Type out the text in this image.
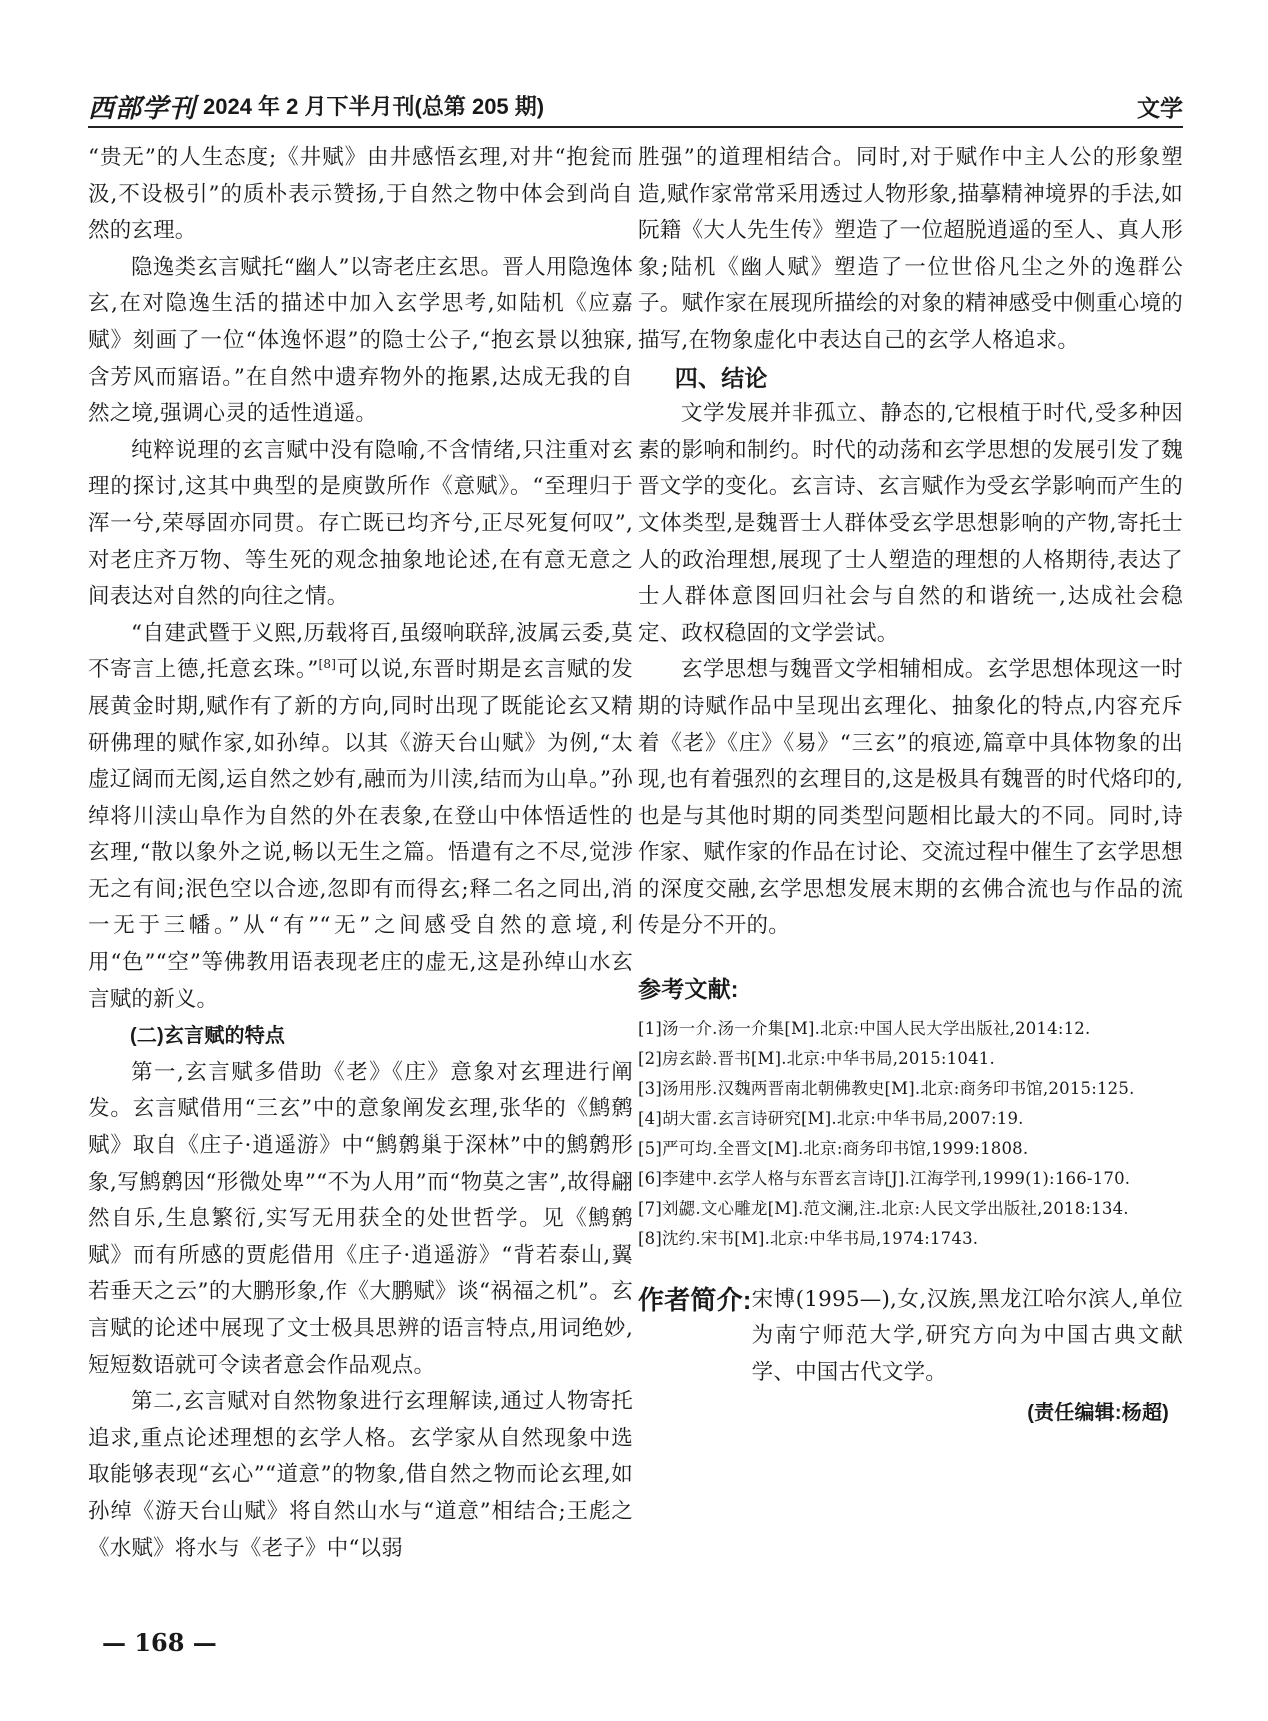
西部学刊 2024 年 2 月下半月刊(总第 205 期)	文学

“贵无”的人生态度;《井赋》由井感悟玄理,对井“抱瓮而汲,不设极引”的质朴表示赞扬,于自然之物中体会到尚自然的玄理。

隐逸类玄言赋托“幽人”以寄老庄玄思。晋人用隐逸体玄,在对隐逸生活的描述中加入玄学思考,如陆机《应嘉赋》刻画了一位“体逸怀遐”的隐士公子,“抱玄景以独寐,含芳风而寤语。”在自然中遗弃物外的拖累,达成无我的自然之境,强调心灵的适性逍遥。

纯粹说理的玄言赋中没有隐喻,不含情绪,只注重对玄理的探讨,这其中典型的是庾敳所作《意赋》。“至理归于浑一兮,荣辱固亦同贯。存亡既已均齐兮,正尽死复何叹”,对老庄齐万物、等生死的观念抽象地论述,在有意无意之间表达对自然的向往之情。

“自建武暨于义熙,历载将百,虽缀响联辞,波属云委,莫不寄言上德,托意玄珠。”[8]可以说,东晋时期是玄言赋的发展黄金时期,赋作有了新的方向,同时出现了既能论玄又精研佛理的赋作家,如孙绰。以其《游天台山赋》为例,“太虚辽阔而无阂,运自然之妙有,融而为川渎,结而为山阜。”孙绰将川渎山阜作为自然的外在表象,在登山中体悟适性的玄理,“散以象外之说,畅以无生之篇。悟遣有之不尽,觉涉无之有间;泯色空以合迹,忽即有而得玄;释二名之同出,消一无于三幡。”从“有”“无”之间感受自然的意境,利用“色”“空”等佛教用语表现老庄的虚无,这是孙绰山水玄言赋的新义。

(二)玄言赋的特点

第一,玄言赋多借助《老》《庄》意象对玄理进行阐发。玄言赋借用“三玄”中的意象阐发玄理,张华的《鹪鹩赋》取自《庄子·逍遥游》中“鹪鹩巢于深林”中的鹪鹩形象,写鹪鹩因“形微处卑”“不为人用”而“物莫之害”,故得翩然自乐,生息繁衍,实写无用获全的处世哲学。见《鹪鹩赋》而有所感的贾彪借用《庄子·逍遥游》“背若泰山,翼若垂天之云”的大鹏形象,作《大鹏赋》谈“祸福之机”。玄言赋的论述中展现了文士极具思辨的语言特点,用词绝妙,短短数语就可令读者意会作品观点。

第二,玄言赋对自然物象进行玄理解读,通过人物寄托追求,重点论述理想的玄学人格。玄学家从自然现象中选取能够表现“玄心”“道意”的物象,借自然之物而论玄理,如孙绰《游天台山赋》将自然山水与“道意”相结合;王彪之《水赋》将水与《老子》中“以弱

胜强”的道理相结合。同时,对于赋作中主人公的形象塑造,赋作家常常采用透过人物形象,描摹精神境界的手法,如阮籍《大人先生传》塑造了一位超脱逍遥的至人、真人形象;陆机《幽人赋》塑造了一位世俗凡尘之外的逸群公子。赋作家在展现所描绘的对象的精神感受中侧重心境的描写,在物象虚化中表达自己的玄学人格追求。

四、结论

文学发展并非孤立、静态的,它根植于时代,受多种因素的影响和制约。时代的动荡和玄学思想的发展引发了魏晋文学的变化。玄言诗、玄言赋作为受玄学影响而产生的文体类型,是魏晋士人群体受玄学思想影响的产物,寄托士人的政治理想,展现了士人塑造的理想的人格期待,表达了士人群体意图回归社会与自然的和谐统一,达成社会稳定、政权稳固的文学尝试。

玄学思想与魏晋文学相辅相成。玄学思想体现这一时期的诗赋作品中呈现出玄理化、抽象化的特点,内容充斥着《老》《庄》《易》“三玄”的痕迹,篇章中具体物象的出现,也有着强烈的玄理目的,这是极具有魏晋的时代烙印的,也是与其他时期的同类型问题相比最大的不同。同时,诗作家、赋作家的作品在讨论、交流过程中催生了玄学思想的深度交融,玄学思想发展末期的玄佛合流也与作品的流传是分不开的。

参考文献:

[1]汤一介.汤一介集[M].北京:中国人民大学出版社,2014:12.

[2]房玄龄.晋书[M].北京:中华书局,2015:1041.

[3]汤用彤.汉魏两晋南北朝佛教史[M].北京:商务印书馆,2015:125.

[4]胡大雷.玄言诗研究[M].北京:中华书局,2007:19.

[5]严可均.全晋文[M].北京:商务印书馆,1999:1808.

[6]李建中.玄学人格与东晋玄言诗[J].江海学刊,1999(1):166-170.

[7]刘勰.文心雕龙[M].范文澜,注.北京:人民文学出版社,2018:134.

[8]沈约.宋书[M].北京:中华书局,1974:1743.

作者简介: 宋博(1995—),女,汉族,黑龙江哈尔滨人,单位为南宁师范大学,研究方向为中国古典文献学、中国古代文学。
(责任编辑:杨超)
— 168 —
